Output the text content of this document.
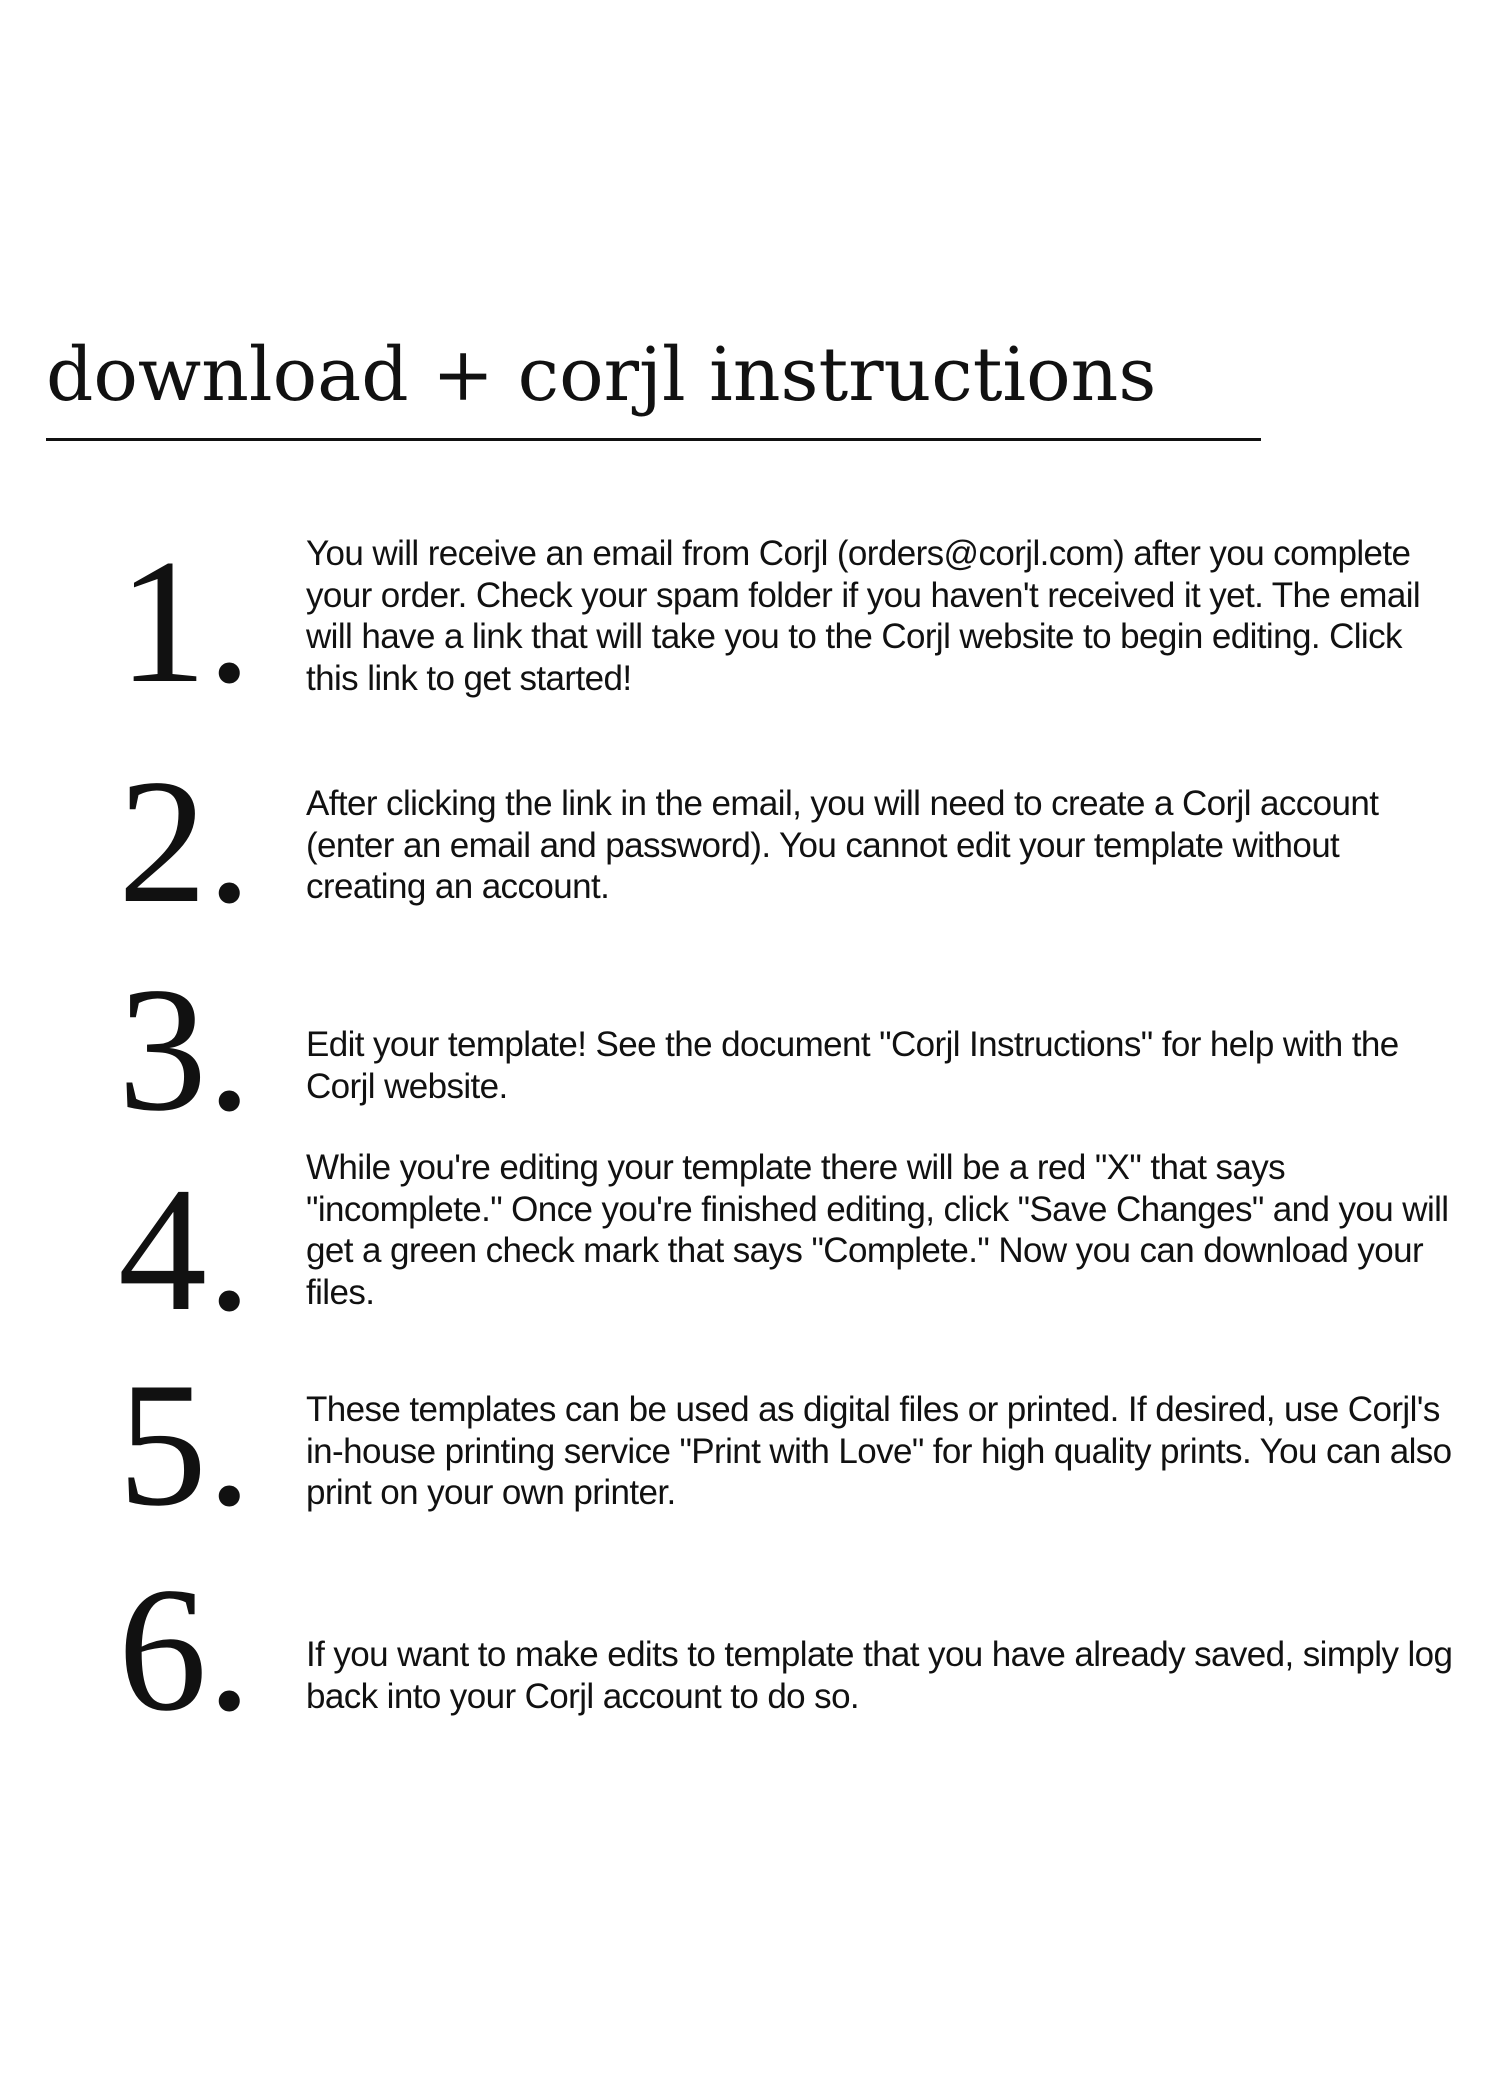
download + corjl instructions
1. You will receive an email from Corjl (orders@corjl.com) after you complete your order. Check your spam folder if you haven't received it yet. The email will have a link that will take you to the Corjl website to begin editing. Click this link to get started!

2. After clicking the link in the email, you will need to create a Corjl account (enter an email and password). You cannot edit your template without creating an account.

3. Edit your template! See the document "Corjl Instructions" for help with the Corjl website.

4. While you're editing your template there will be a red "X" that says "incomplete." Once you're finished editing, click "Save Changes" and you will get a green check mark that says "Complete." Now you can download your files.

5. These templates can be used as digital files or printed. If desired, use Corjl's in-house printing service "Print with Love" for high quality prints. You can also print on your own printer.

6. If you want to make edits to template that you have already saved, simply log back into your Corjl account to do so.
